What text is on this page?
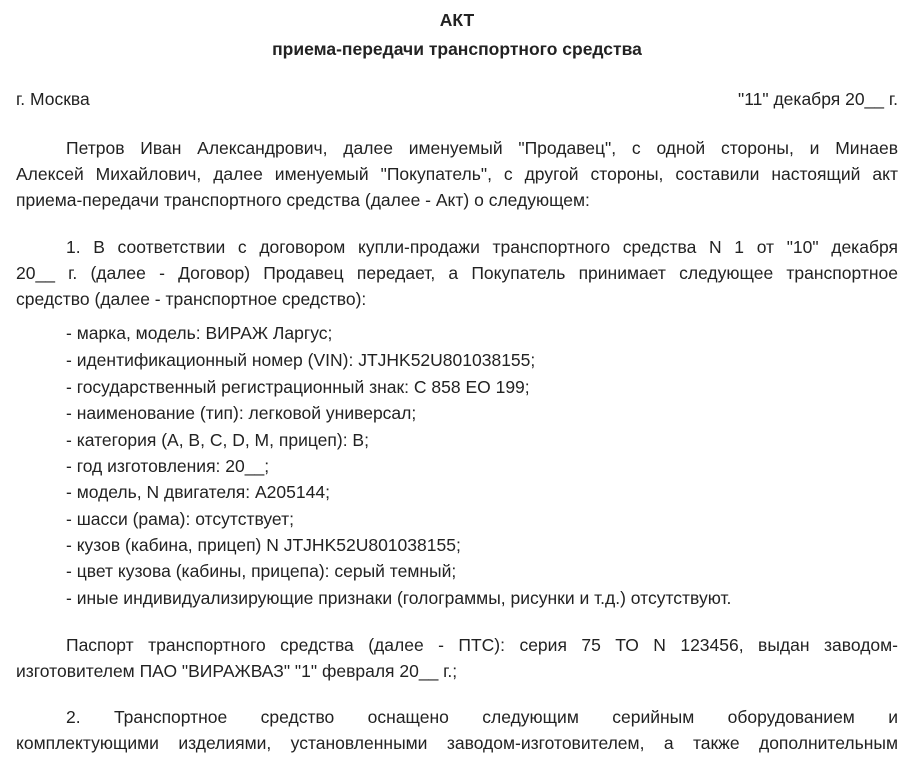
АКТ
приема-передачи транспортного средства
г. Москва	"11" декабря 20__ г.
Петров Иван Александрович, далее именуемый "Продавец", с одной стороны, и Минаев
Алексей Михайлович, далее именуемый "Покупатель", с другой стороны, составили настоящий акт
приема-передачи транспортного средства (далее - Акт) о следующем:
1. В соответствии с договором купли-продажи транспортного средства N 1 от "10" декабря
20__ г. (далее - Договор) Продавец передает, а Покупатель принимает следующее транспортное
средство (далее - транспортное средство):
- марка, модель: ВИРАЖ Ларгус;
- идентификационный номер (VIN): JTJHK52U801038155;
- государственный регистрационный знак: С 858 ЕО 199;
- наименование (тип): легковой универсал;
- категория (A, B, C, D, M, прицеп): B;
- год изготовления: 20__;
- модель, N двигателя: A205144;
- шасси (рама): отсутствует;
- кузов (кабина, прицеп) N JTJHK52U801038155;
- цвет кузова (кабины, прицепа): серый темный;
- иные индивидуализирующие признаки (голограммы, рисунки и т.д.) отсутствуют.
Паспорт транспортного средства (далее - ПТС): серия 75 ТО N 123456, выдан заводом-
изготовителем ПАО "ВИРАЖВАЗ" "1" февраля 20__ г.;
2. Транспортное средство оснащено следующим серийным оборудованием и
комплектующими изделиями, установленными заводом-изготовителем, а также дополнительным
